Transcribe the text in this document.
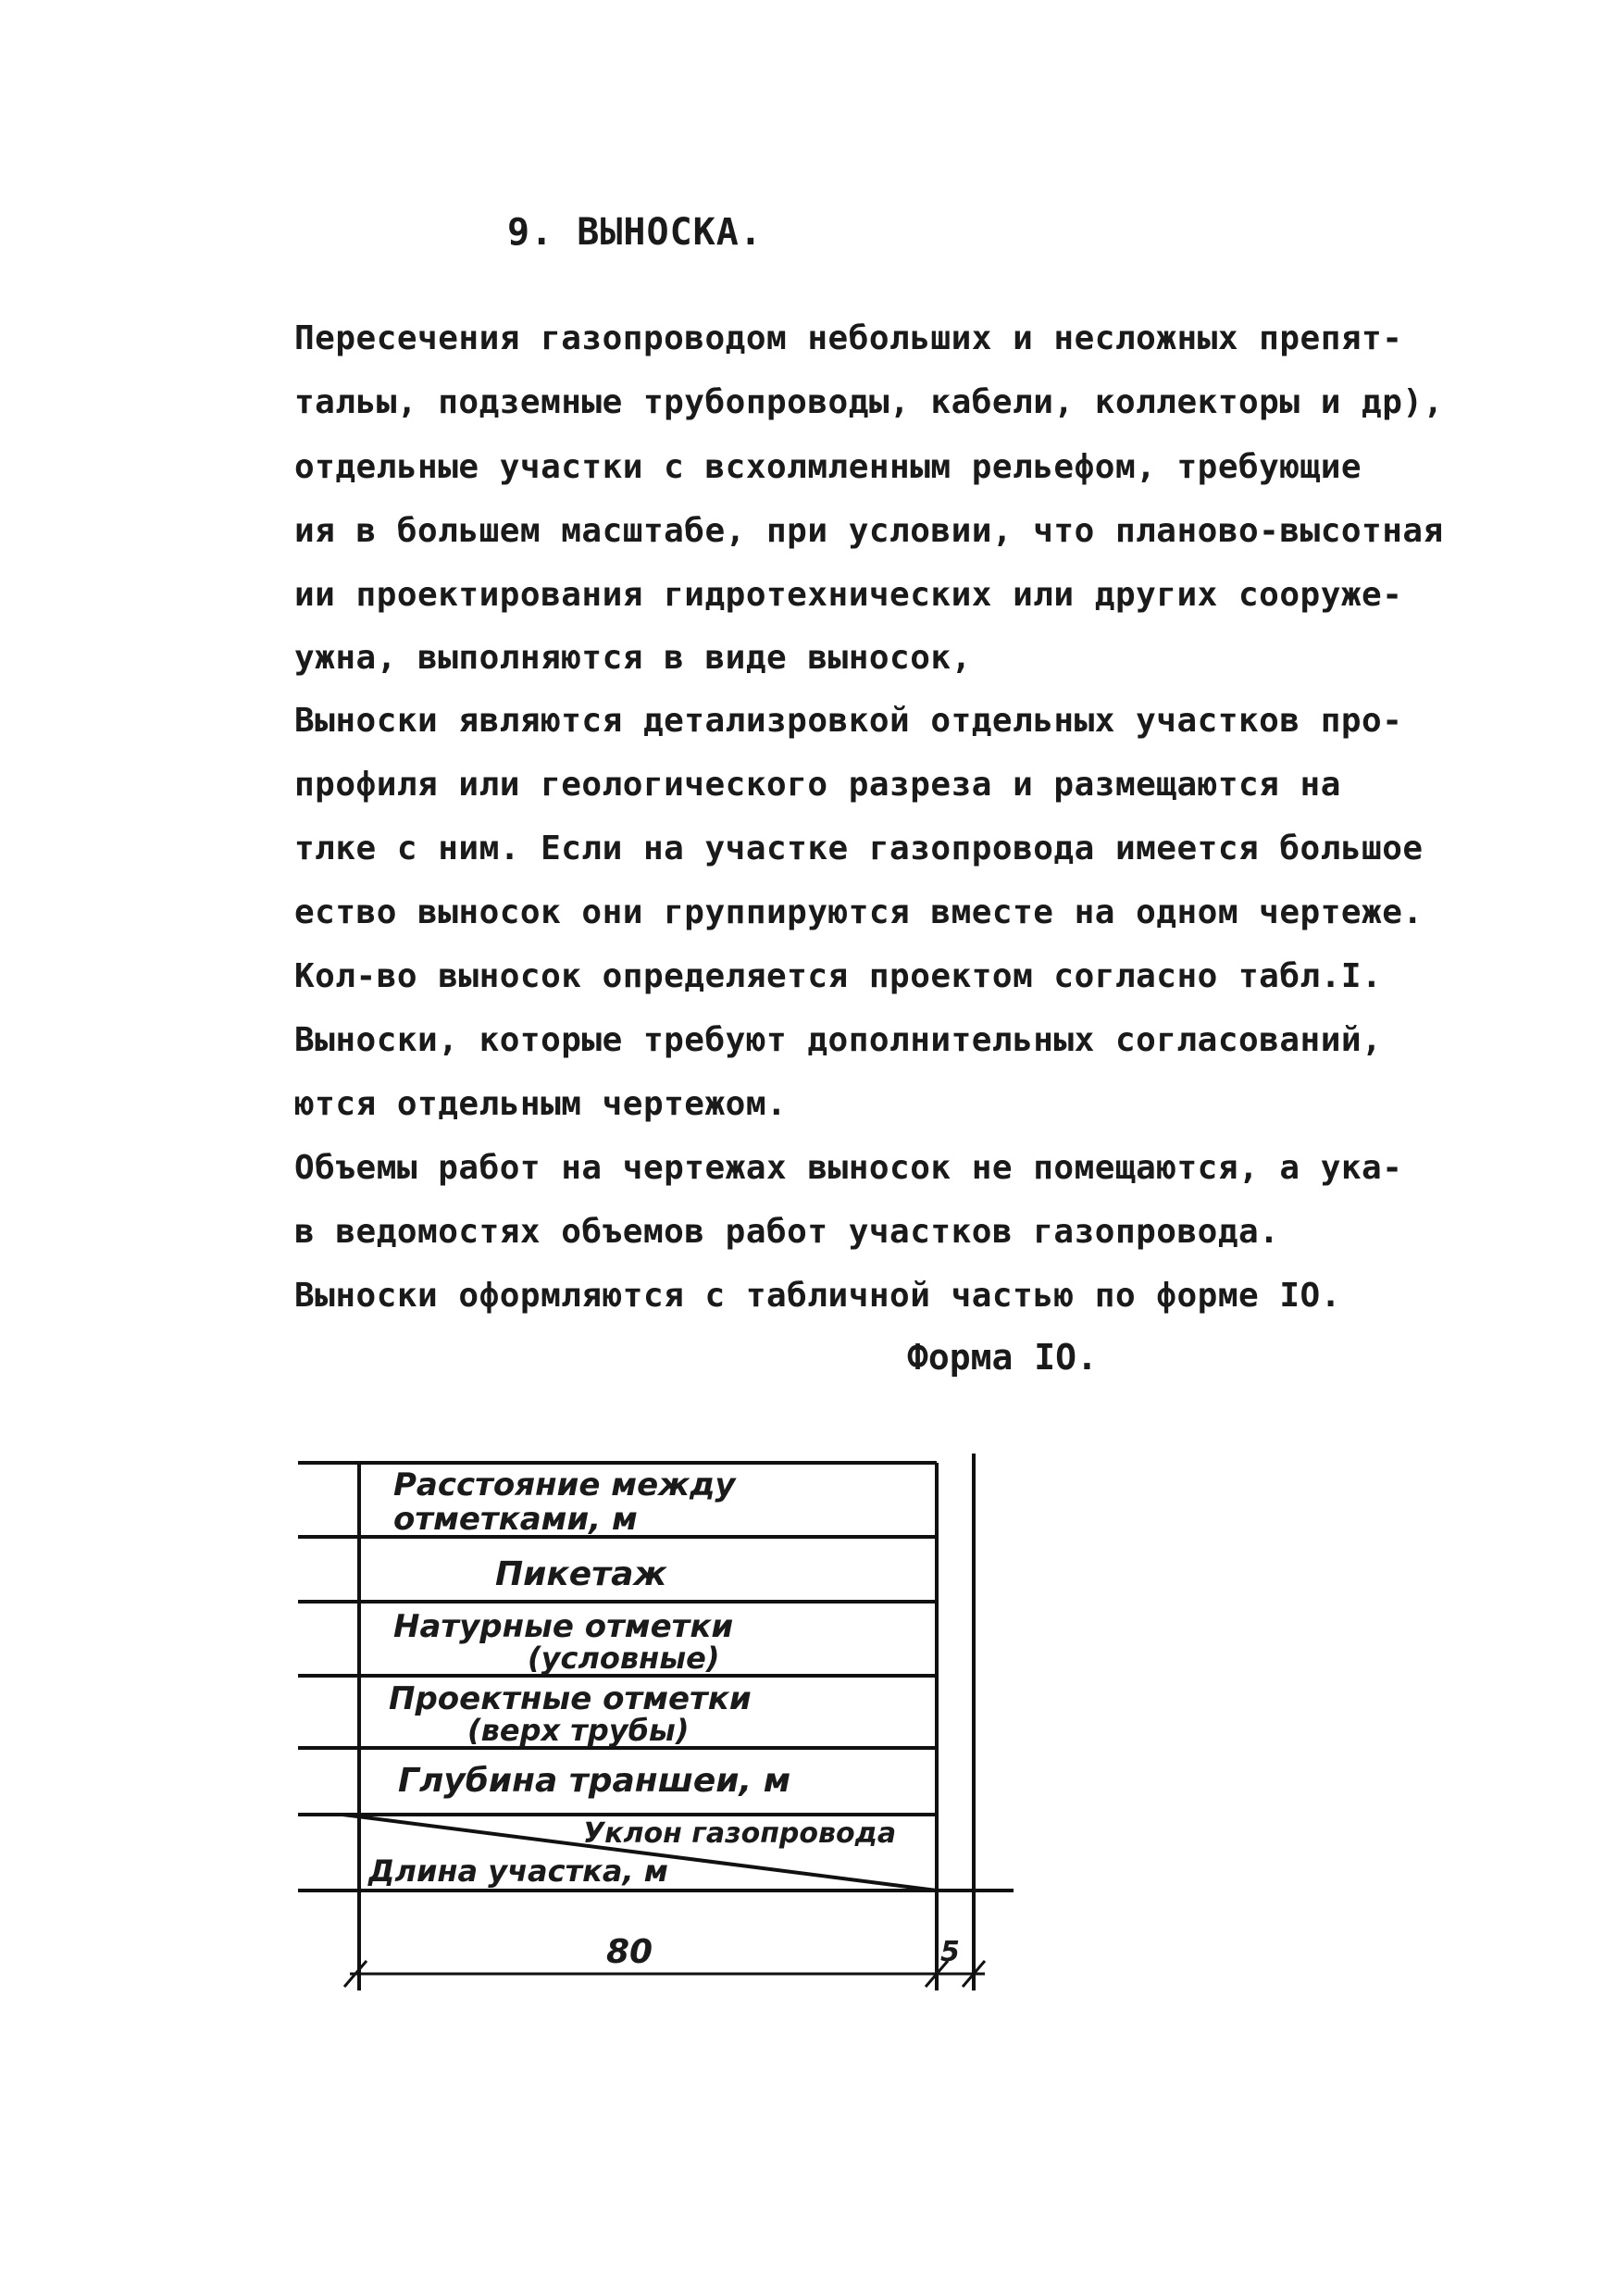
9. ВЫНОСКА.
Пересечения газопроводом небольших и несложных препят-
тальы, подземные трубопроводы, кабели, коллекторы и др),
отдельные участки с всхолмленным рельефом, требующие
ия в большем масштабе, при условии, что планово-высотная
ии проектирования гидротехнических или других сооруже-
ужна, выполняются в виде выносок,
Выноски являются детализровкой отдельных участков про-
профиля или геологического разреза и размещаются на
тлке с ним. Если на участке газопровода имеется большое
ество выносок они группируются вместе на одном чертеже.
Кол-во выносок определяется проектом согласно табл.I.
Выноски, которые требуют дополнительных согласований,
ются отдельным чертежом.
Объемы работ на чертежах выносок не помещаются, а ука-
в ведомостях объемов работ участков газопровода.
Выноски оформляются с табличной частью по форме IO.
Форма IO.
Расстояние между
отметками, м
Пикетаж
Натурные отметки
(условные)
Проектные отметки
(верх трубы)
Глубина траншеи, м
Уклон газопровода
Длина участка, м
80	5
